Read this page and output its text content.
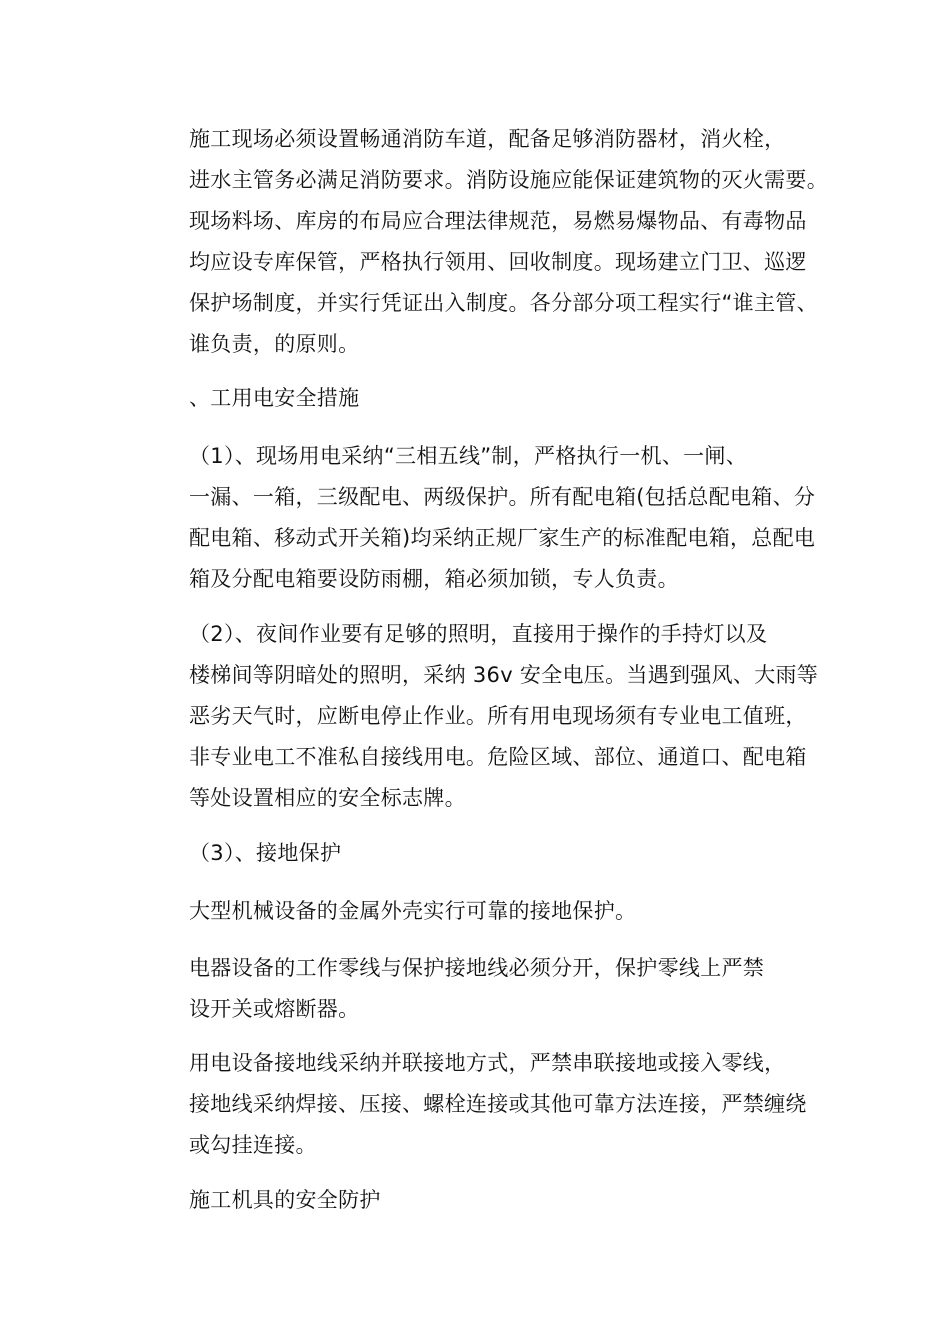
施工现场必须设置畅通消防车道，配备足够消防器材，消火栓，
进水主管务必满足消防要求。消防设施应能保证建筑物的灭火需要。
现场料场、库房的布局应合理法律规范，易燃易爆物品、有毒物品
均应设专库保管，严格执行领用、回收制度。现场建立门卫、巡逻
保护场制度，并实行凭证出入制度。各分部分项工程实行“谁主管、
谁负责，的原则。

、工用电安全措施

（1）、现场用电采纳“三相五线”制，严格执行一机、一闸、
一漏、一箱，三级配电、两级保护。所有配电箱(包括总配电箱、分
配电箱、移动式开关箱)均采纳正规厂家生产的标准配电箱，总配电
箱及分配电箱要设防雨棚，箱必须加锁，专人负责。

（2）、夜间作业要有足够的照明，直接用于操作的手持灯以及
楼梯间等阴暗处的照明，采纳 36v 安全电压。当遇到强风、大雨等
恶劣天气时，应断电停止作业。所有用电现场须有专业电工值班，
非专业电工不准私自接线用电。危险区域、部位、通道口、配电箱
等处设置相应的安全标志牌。

（3）、接地保护

大型机械设备的金属外壳实行可靠的接地保护。

电器设备的工作零线与保护接地线必须分开，保护零线上严禁
设开关或熔断器。

用电设备接地线采纳并联接地方式，严禁串联接地或接入零线，
接地线采纳焊接、压接、螺栓连接或其他可靠方法连接，严禁缠绕
或勾挂连接。

施工机具的安全防护
